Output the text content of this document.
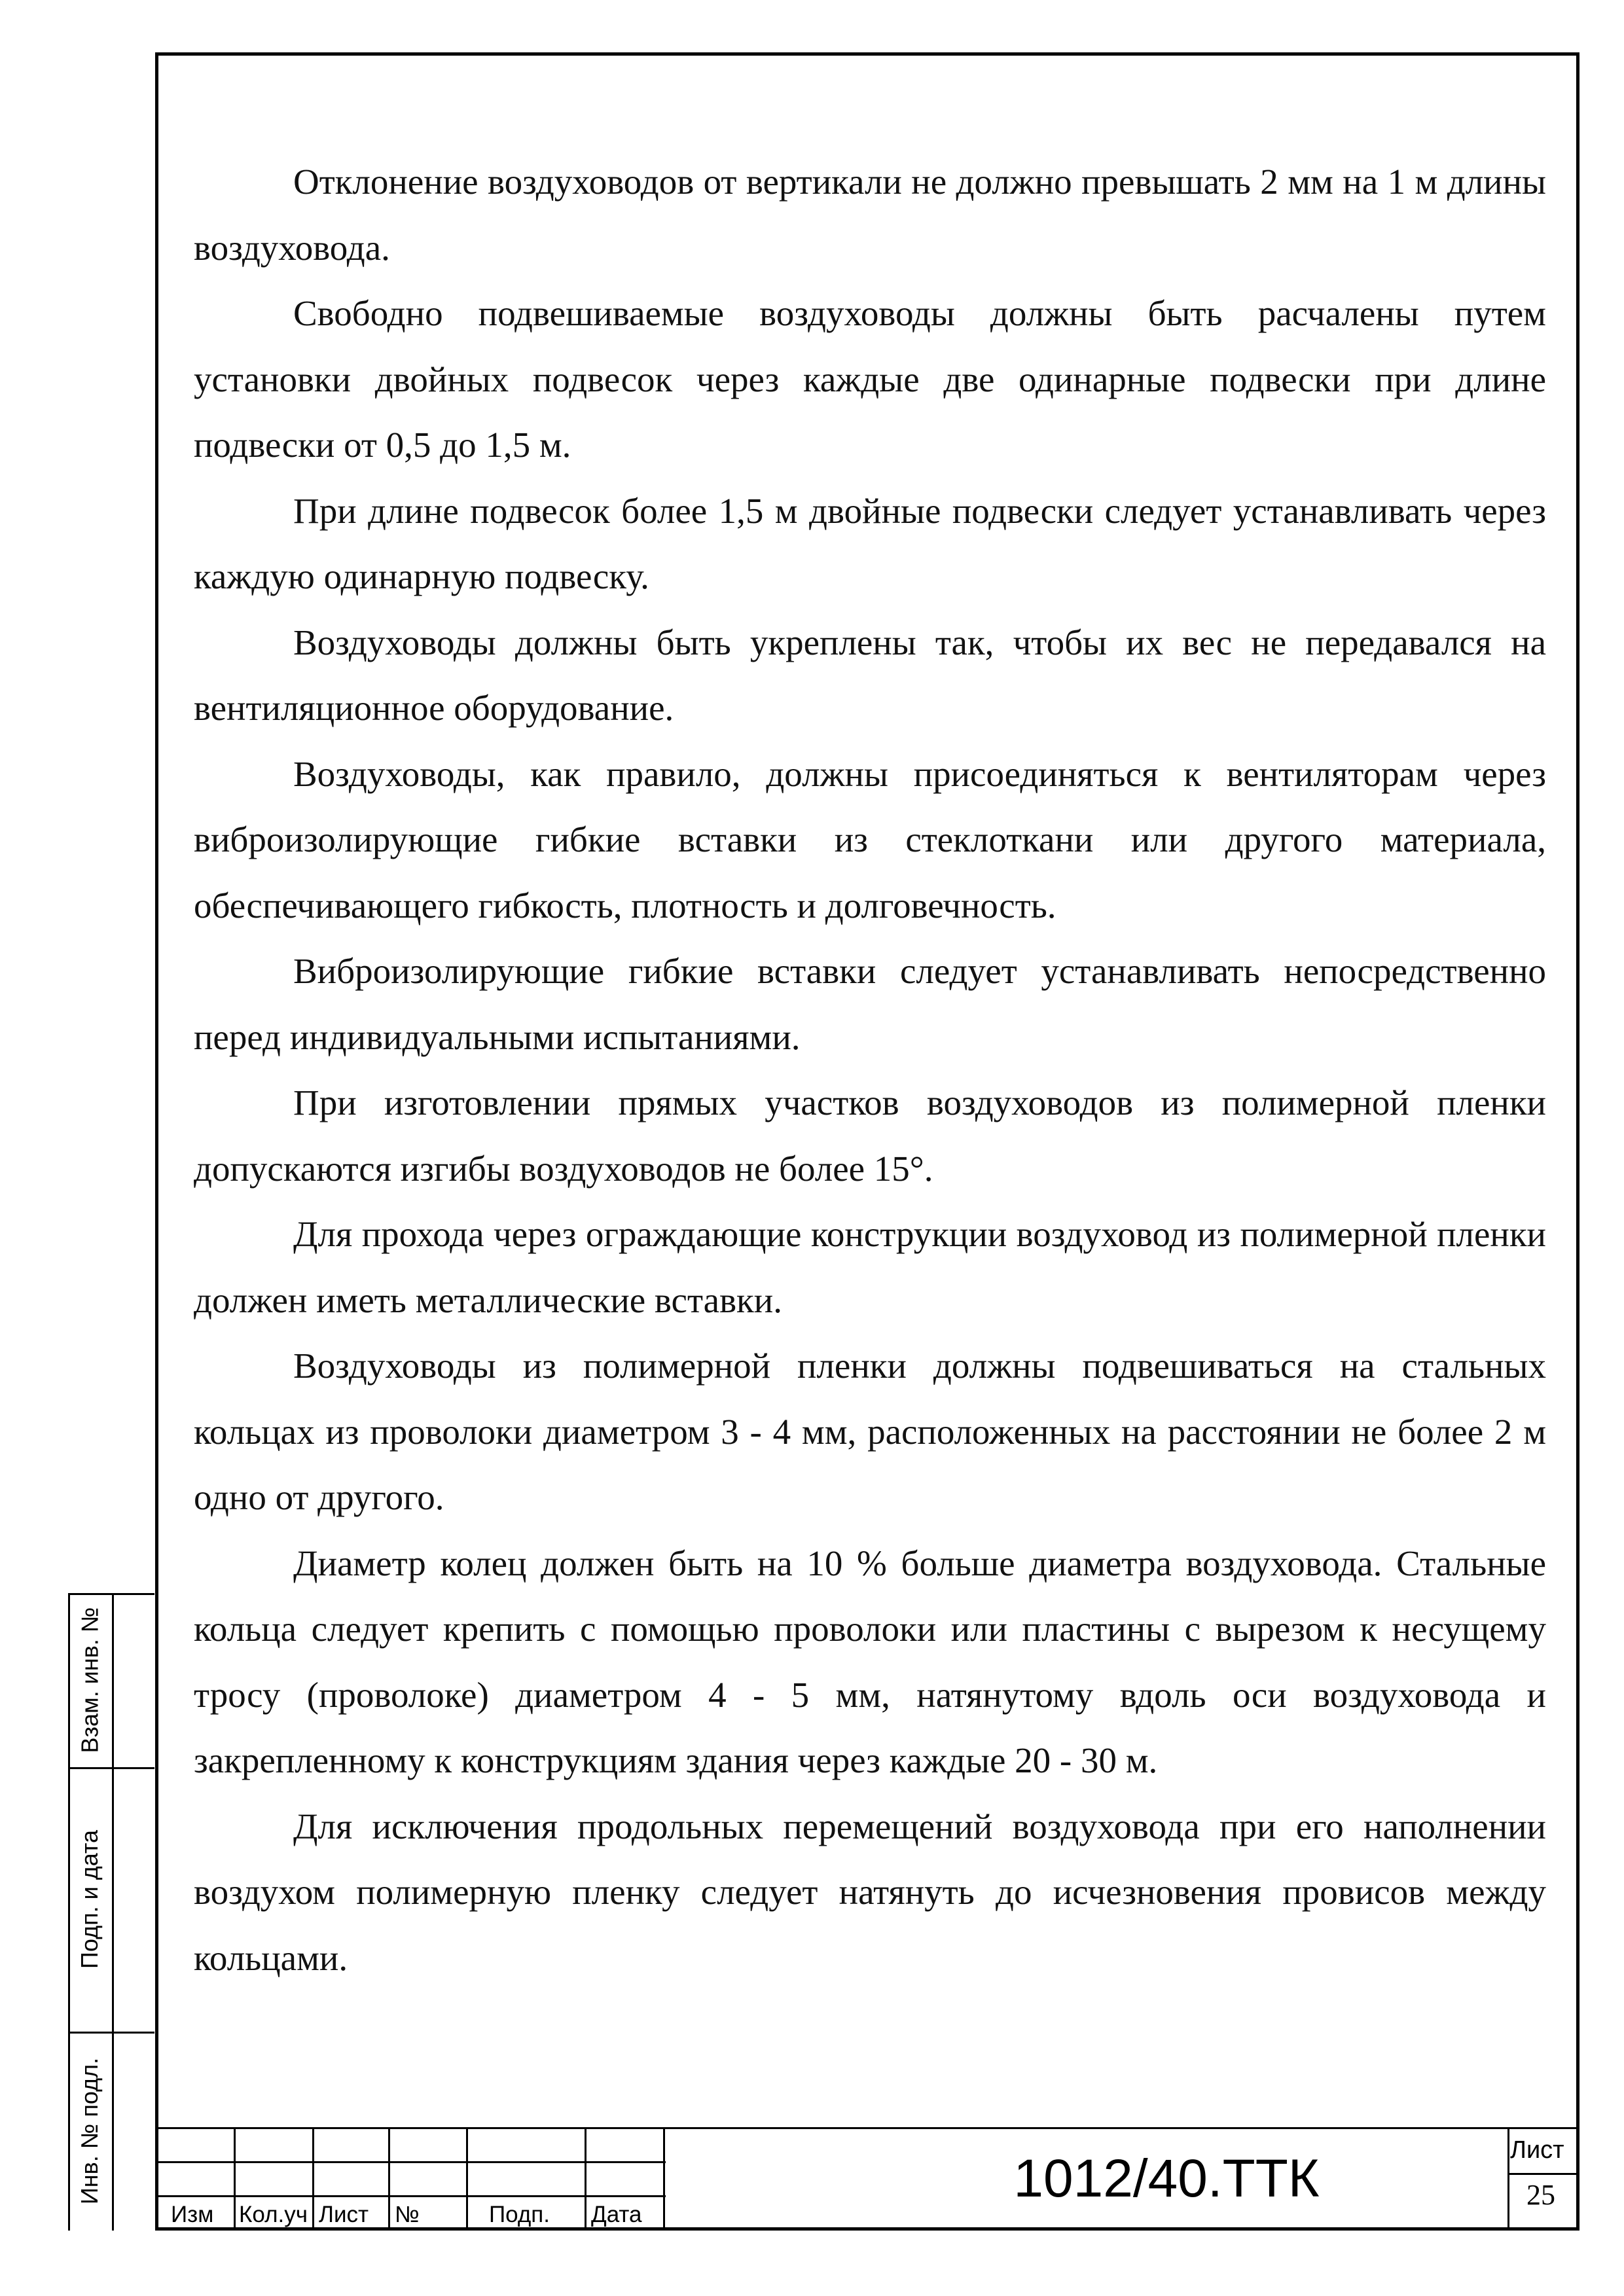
Отклонение воздуховодов от вертикали не должно превышать 2 мм на 1 м длины воздуховода.

Свободно подвешиваемые воздуховоды должны быть расчалены путем установки двойных подвесок через каждые две одинарные подвески при длине подвески от 0,5 до 1,5 м.

При длине подвесок более 1,5 м двойные подвески следует устанавливать через каждую одинарную подвеску.

Воздуховоды должны быть укреплены так, чтобы их вес не передавался на вентиляционное оборудование.

Воздуховоды, как правило, должны присоединяться к вентиляторам через виброизолирующие гибкие вставки из стеклоткани или другого материала, обеспечивающего гибкость, плотность и долговечность.

Виброизолирующие гибкие вставки следует устанавливать непосредственно перед индивидуальными испытаниями.

При изготовлении прямых участков воздуховодов из полимерной пленки допускаются изгибы воздуховодов не более 15°.

Для прохода через ограждающие конструкции воздуховод из полимерной пленки должен иметь металлические вставки.

Воздуховоды из полимерной пленки должны подвешиваться на стальных кольцах из проволоки диаметром 3 - 4 мм, расположенных на расстоянии не более 2 м одно от другого.

Диаметр колец должен быть на 10 % больше диаметра воздуховода. Стальные кольца следует крепить с помощью проволоки или пластины с вырезом к несущему тросу (проволоке) диаметром 4 - 5 мм, натянутому вдоль оси воздуховода и закрепленному к конструкциям здания через каждые 20 - 30 м.

Для исключения продольных перемещений воздуховода при его наполнении воздухом полимерную пленку следует натянуть до исчезновения провисов между кольцами.

Взам. инв. №
Подп. и дата
Инв. № подл.
Изм Кол.уч Лист №	Подп. Дата
1012/40.ТТК	Лист
25
